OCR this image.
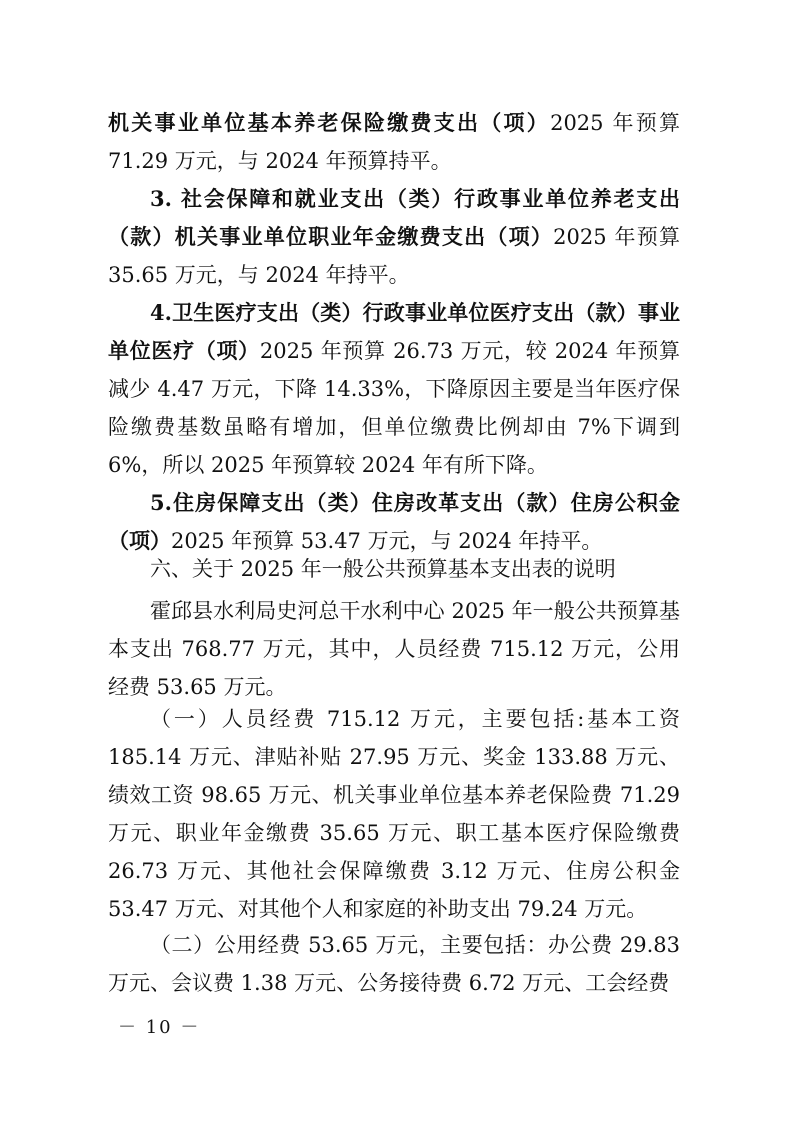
机关事业单位基本养老保险缴费支出（项）2025 年预算 71.29 万元，与 2024 年预算持平。

3. 社会保障和就业支出（类）行政事业单位养老支出（款）机关事业单位职业年金缴费支出（项）2025 年预算 35.65 万元，与 2024 年持平。

4.卫生医疗支出（类）行政事业单位医疗支出（款）事业单位医疗（项）2025 年预算 26.73 万元，较 2024 年预算减少 4.47 万元，下降 14.33%，下降原因主要是当年医疗保险缴费基数虽略有增加，但单位缴费比例却由 7%下调到 6%，所以 2025 年预算较 2024 年有所下降。

5.住房保障支出（类）住房改革支出（款）住房公积金（项）2025 年预算 53.47 万元，与 2024 年持平。

六、关于 2025 年一般公共预算基本支出表的说明

霍邱县水利局史河总干水利中心 2025 年一般公共预算基本支出 768.77 万元，其中，人员经费 715.12 万元，公用经费 53.65 万元。

（一）人员经费 715.12 万元，主要包括:基本工资 185.14 万元、津贴补贴 27.95 万元、奖金 133.88 万元、绩效工资 98.65 万元、机关事业单位基本养老保险费 71.29 万元、职业年金缴费 35.65 万元、职工基本医疗保险缴费 26.73 万元、其他社会保障缴费 3.12 万元、住房公积金 53.47 万元、对其他个人和家庭的补助支出 79.24 万元。

（二）公用经费 53.65 万元，主要包括：办公费 29.83 万元、会议费 1.38 万元、公务接待费 6.72 万元、工会经费

－ 10 －
